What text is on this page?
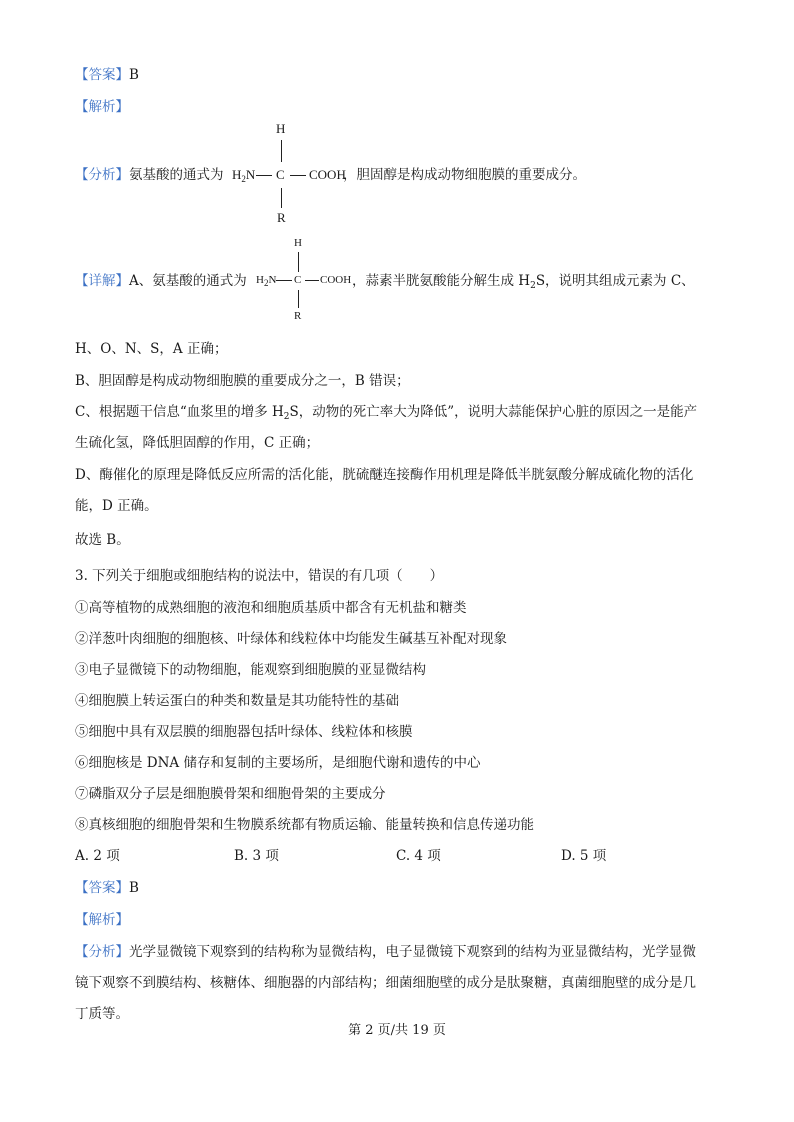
【答案】B
【解析】
【分析】氨基酸的通式为
H
$H_2N$ C COOH
R
，胆固醇是构成动物细胞膜的重要成分。
【详解】A、氨基酸的通式为
H
$H_2N$ C COOH
R
，蒜素半胱氨酸能分解生成 $H_2S$，说明其组成元素为 C、
H、O、N、S，A 正确；
B、胆固醇是构成动物细胞膜的重要成分之一，B 错误；
C、根据题干信息“血浆里的增多 $H_2S$，动物的死亡率大为降低”，说明大蒜能保护心脏的原因之一是能产
生硫化氢，降低胆固醇的作用，C 正确；
D、酶催化的原理是降低反应所需的活化能，胱硫醚连接酶作用机理是降低半胱氨酸分解成硫化物的活化
能，D 正确。
故选 B。
3. 下列关于细胞或细胞结构的说法中，错误的有几项（　　）
①高等植物的成熟细胞的液泡和细胞质基质中都含有无机盐和糖类
②洋葱叶肉细胞的细胞核、叶绿体和线粒体中均能发生碱基互补配对现象
③电子显微镜下的动物细胞，能观察到细胞膜的亚显微结构
④细胞膜上转运蛋白的种类和数量是其功能特性的基础
⑤细胞中具有双层膜的细胞器包括叶绿体、线粒体和核膜
⑥细胞核是 DNA 储存和复制的主要场所，是细胞代谢和遗传的中心
⑦磷脂双分子层是细胞膜骨架和细胞骨架的主要成分
⑧真核细胞的细胞骨架和生物膜系统都有物质运输、能量转换和信息传递功能
A. 2 项	B. 3 项	C. 4 项	D. 5 项
【答案】B
【解析】
【分析】光学显微镜下观察到的结构称为显微结构，电子显微镜下观察到的结构为亚显微结构，光学显微
镜下观察不到膜结构、核糖体、细胞器的内部结构；细菌细胞壁的成分是肽聚糖，真菌细胞壁的成分是几
丁质等。
第 2 页/共 19 页
